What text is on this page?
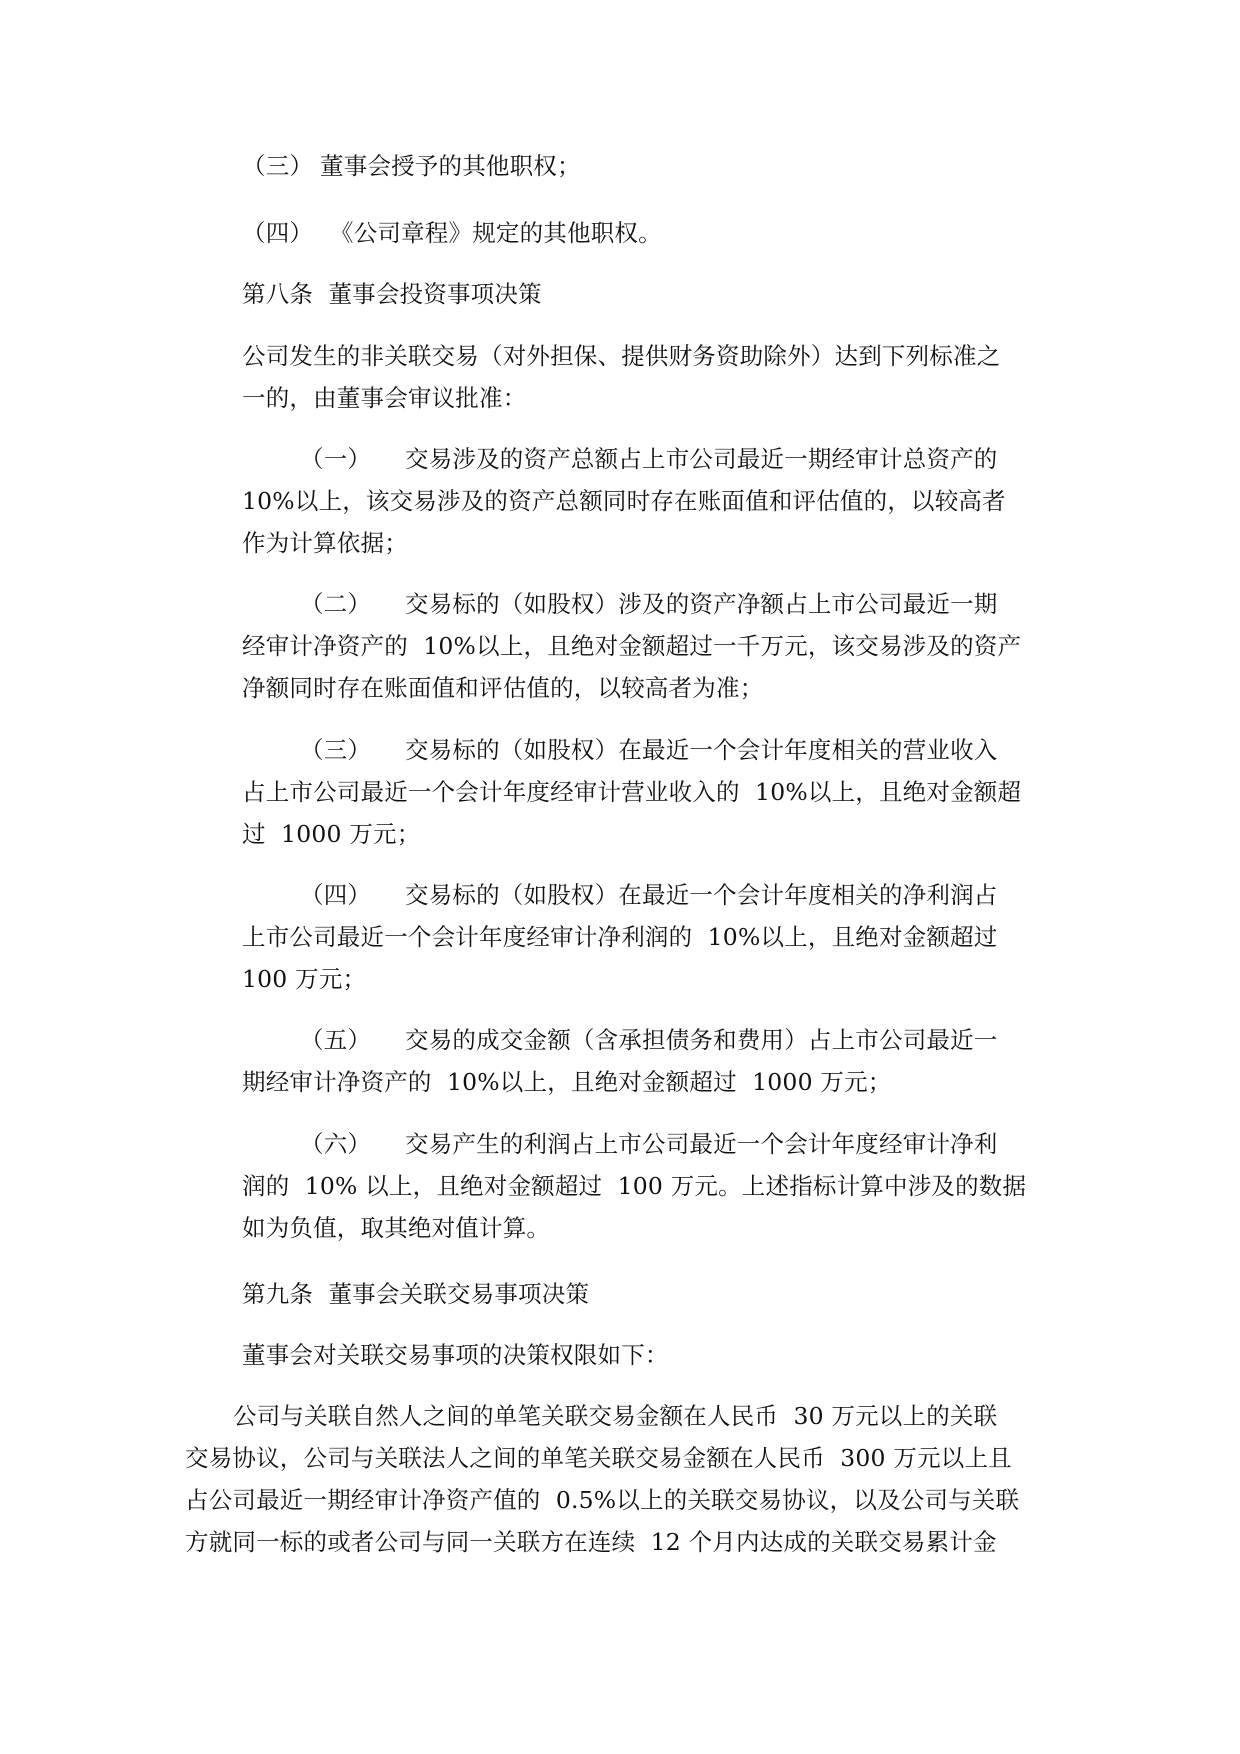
（三） 董事会授予的其他职权；
（四） 《公司章程》规定的其他职权。
第八条  董事会投资事项决策
公司发生的非关联交易（对外担保、提供财务资助除外）达到下列标准之
一的，由董事会审议批准：
（一） 交易涉及的资产总额占上市公司最近一期经审计总资产的
10%以上，该交易涉及的资产总额同时存在账面值和评估值的，以较高者
作为计算依据；
（二） 交易标的（如股权）涉及的资产净额占上市公司最近一期
经审计净资产的  10%以上，且绝对金额超过一千万元，该交易涉及的资产
净额同时存在账面值和评估值的，以较高者为准；
（三） 交易标的（如股权）在最近一个会计年度相关的营业收入
占上市公司最近一个会计年度经审计营业收入的  10%以上，且绝对金额超
过  1000 万元；
（四） 交易标的（如股权）在最近一个会计年度相关的净利润占
上市公司最近一个会计年度经审计净利润的  10%以上，且绝对金额超过
100 万元；
（五） 交易的成交金额（含承担债务和费用）占上市公司最近一
期经审计净资产的  10%以上，且绝对金额超过  1000 万元；
（六） 交易产生的利润占上市公司最近一个会计年度经审计净利
润的  10% 以上，且绝对金额超过  100 万元。上述指标计算中涉及的数据
如为负值，取其绝对值计算。
第九条  董事会关联交易事项决策
董事会对关联交易事项的决策权限如下：
公司与关联自然人之间的单笔关联交易金额在人民币  30 万元以上的关联
交易协议，公司与关联法人之间的单笔关联交易金额在人民币  300 万元以上且
占公司最近一期经审计净资产值的  0.5%以上的关联交易协议，以及公司与关联
方就同一标的或者公司与同一关联方在连续  12 个月内达成的关联交易累计金
